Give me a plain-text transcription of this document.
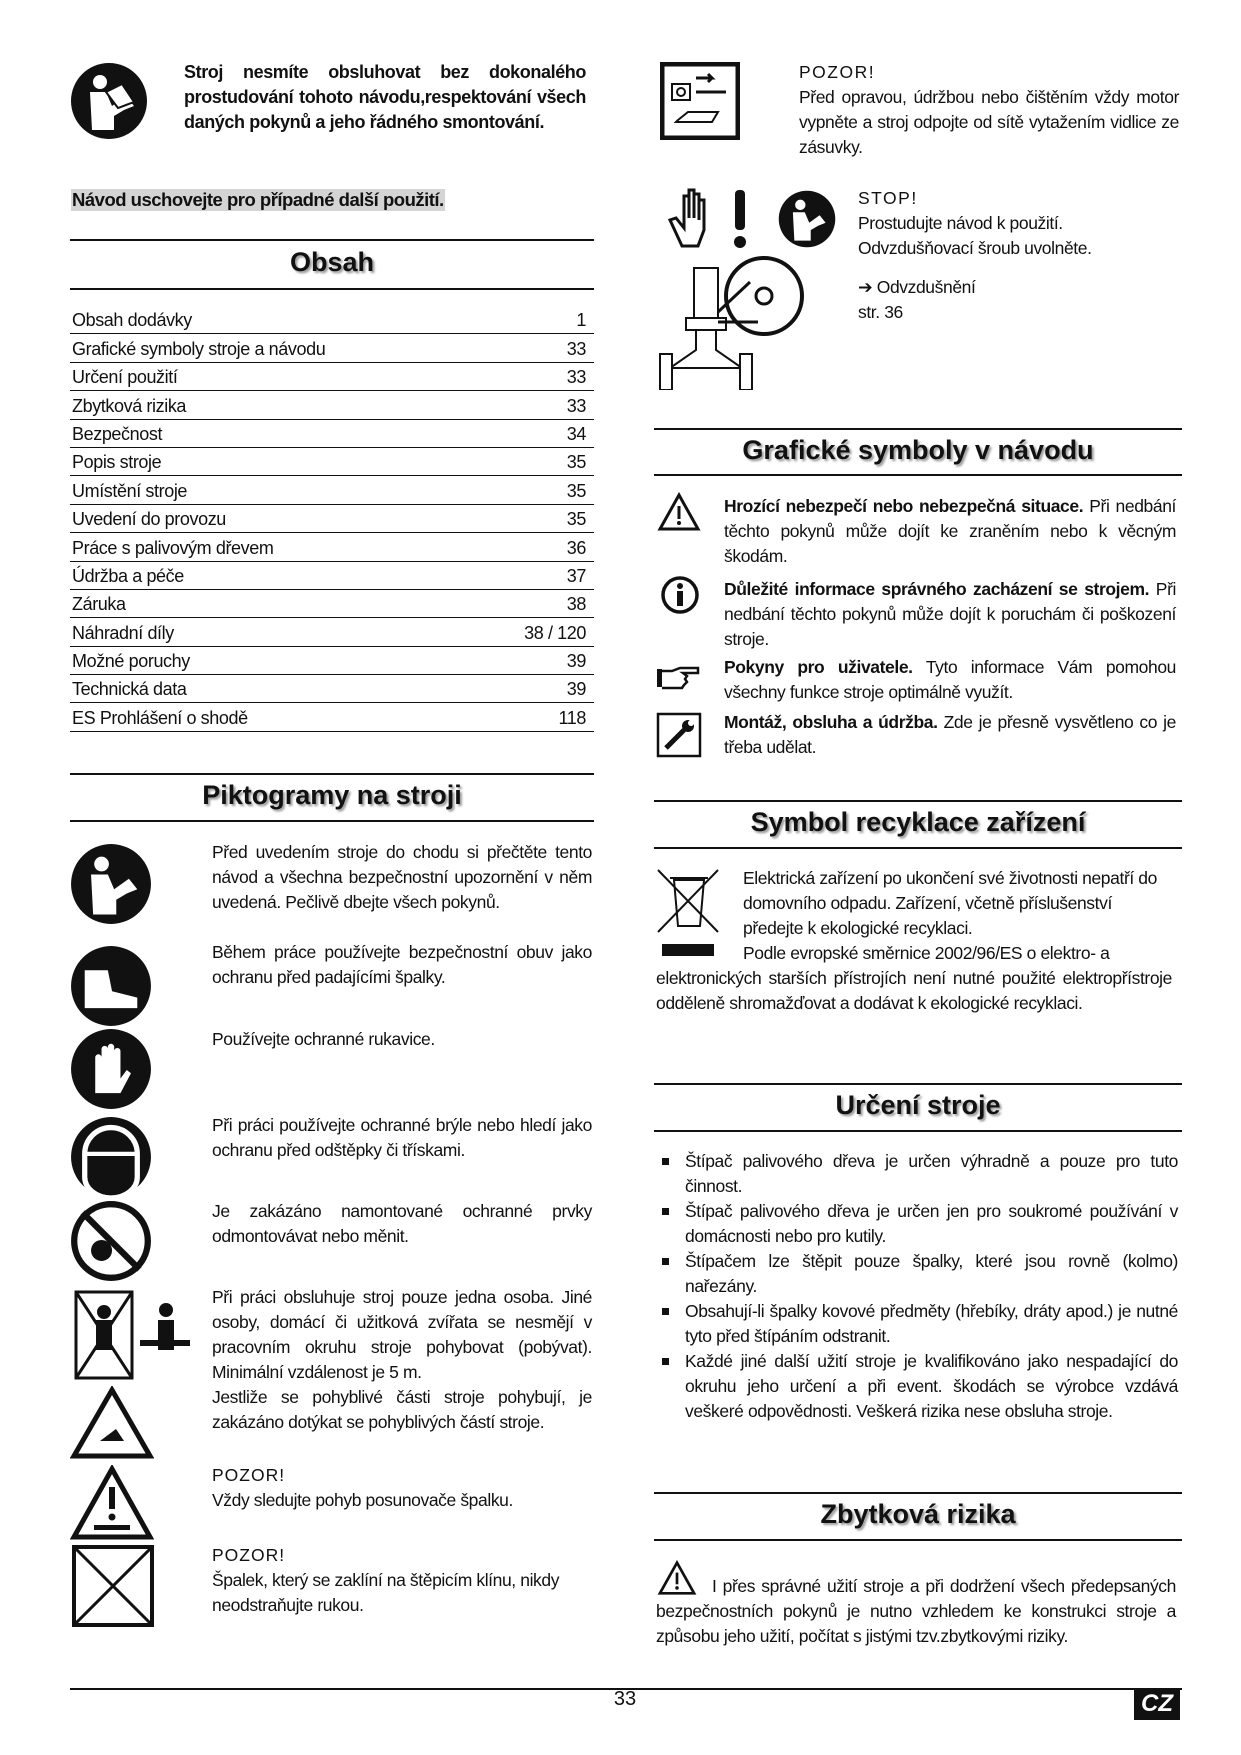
Stroj nesmíte obsluhovat bez dokonalého prostudování tohoto návodu,respektování všech daných pokynů a jeho řádného smontování.
Návod uschovejte pro případné další použití.
Obsah
Obsah dodávky	1
Grafické symboly stroje a návodu	33
Určení použití	33
Zbytková rizika	33
Bezpečnost	34
Popis stroje	35
Umístění stroje	35
Uvedení do provozu	35
Práce s palivovým dřevem	36
Údržba a péče	37
Záruka	38
Náhradní díly	38 / 120
Možné poruchy	39
Technická data	39
ES Prohlášení o shodě	118
Piktogramy na stroji
Před uvedením stroje do chodu si přečtěte tento návod a všechna bezpečnostní upozornění v něm uvedená. Pečlivě dbejte všech pokynů.
Během práce používejte bezpečnostní obuv jako ochranu před padajícími špalky.
Používejte ochranné rukavice.
Při práci používejte ochranné brýle nebo hledí jako ochranu před odštěpky či třískami.
Je zakázáno namontované ochranné prvky odmontovávat nebo měnit.
Při práci obsluhuje stroj pouze jedna osoba. Jiné osoby, domácí či užitková zvířata se nesmějí v pracovním okruhu stroje pohybovat (pobývat). Minimální vzdálenost je 5 m.
Jestliže se pohyblivé části stroje pohybují, je zakázáno dotýkat se pohyblivých částí stroje.
POZOR!
Vždy sledujte pohyb posunovače špalku.
POZOR!
Špalek, který se zaklíní na štěpicím klínu, nikdy neodstraňujte rukou.
POZOR!
Před opravou, údržbou nebo čištěním vždy motor vypněte a stroj odpojte od sítě vytažením vidlice ze zásuvky.
STOP!
Prostudujte návod k použití.
Odvzdušňovací šroub uvolněte.
➔ Odvzdušnění
str. 36
Grafické symboly v návodu
Hrozící nebezpečí nebo nebezpečná situace. Při nedbání těchto pokynů může dojít ke zraněním nebo k věcným škodám.
Důležité informace správného zacházení se strojem. Při nedbání těchto pokynů může dojít k poruchám či poškození stroje.
Pokyny pro uživatele. Tyto informace Vám pomohou všechny funkce stroje optimálně využít.
Montáž, obsluha a údržba. Zde je přesně vysvětleno co je třeba udělat.
Symbol recyklace zařízení
Elektrická zařízení po ukončení své životnosti nepatří do domovního odpadu. Zařízení, včetně příslušenství předejte k ekologické recyklaci.
Podle evropské směrnice 2002/96/ES o elektro- a
elektronických starších přístrojích není nutné použité elektropřístroje odděleně shromažďovat a dodávat k ekologické recyklaci.
Určení stroje
Štípač palivového dřeva je určen výhradně a pouze pro tuto činnost.
Štípač palivového dřeva je určen jen pro soukromé používání v domácnosti nebo pro kutily.
Štípačem lze štěpit pouze špalky, které jsou rovně (kolmo) nařezány.
Obsahují-li špalky kovové předměty (hřebíky, dráty apod.) je nutné tyto před štípáním odstranit.
Každé jiné další užití stroje je kvalifikováno jako nespadající do okruhu jeho určení a při event. škodách se výrobce vzdává veškeré odpovědnosti. Veškerá rizika nese obsluha stroje.
Zbytková rizika
I přes správné užití stroje a při dodržení všech předepsaných bezpečnostních pokynů je nutno vzhledem ke konstrukci stroje a způsobu jeho užití, počítat s jistými tzv.zbytkovými riziky.
33	CZ
